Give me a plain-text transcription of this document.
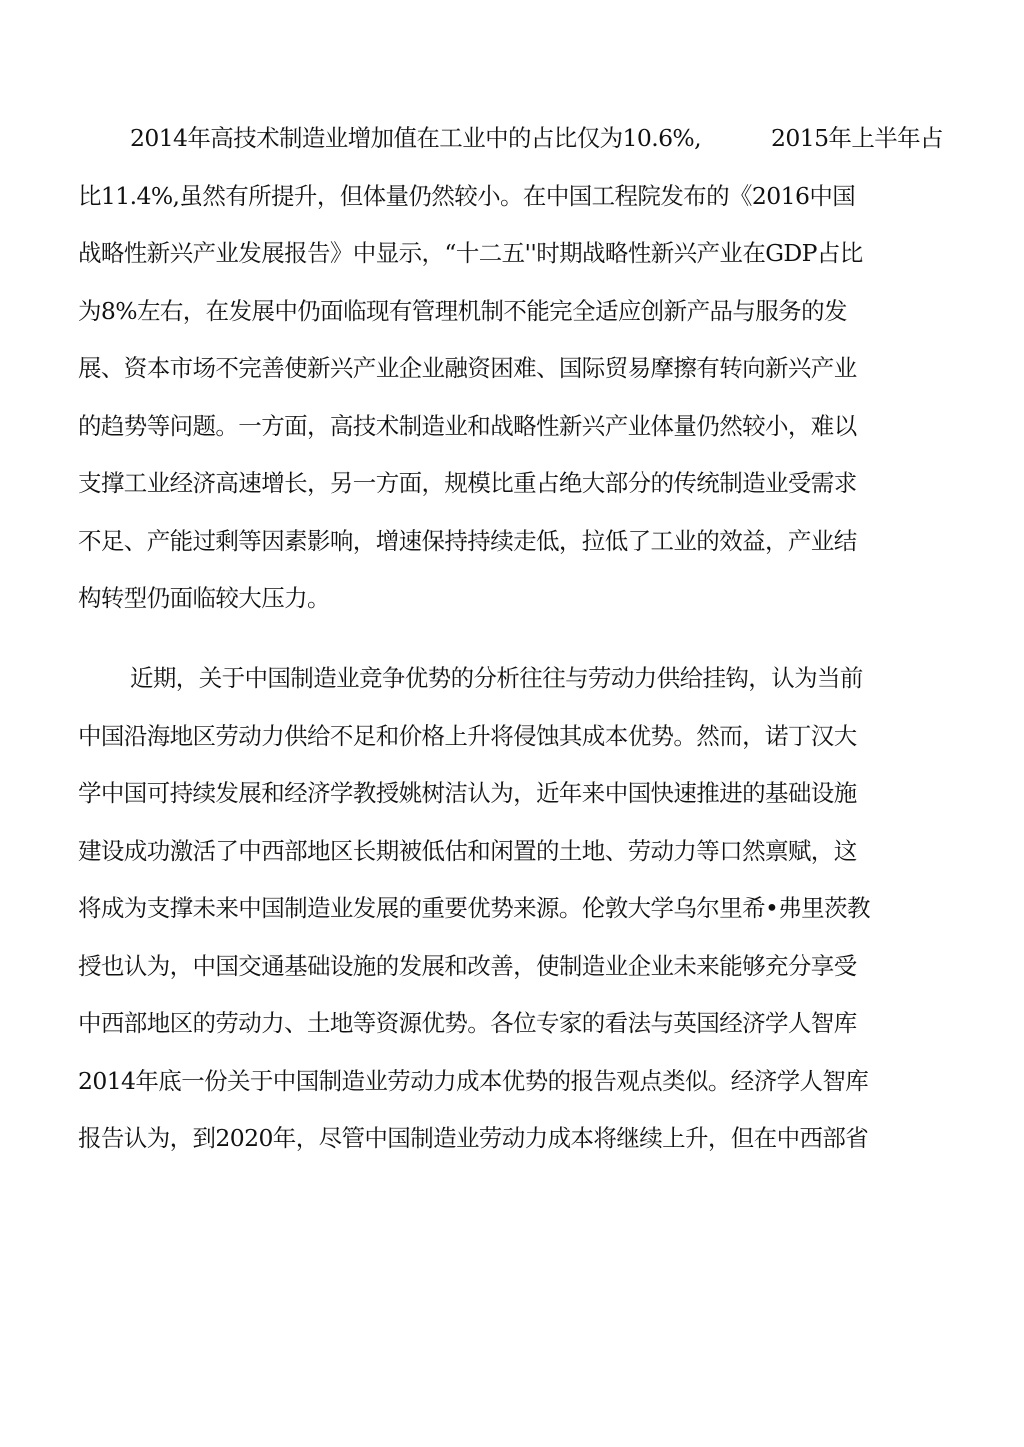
2014年高技术制造业增加值在工业中的占比仅为10.6%,	2015年上半年占
比11.4%,虽然有所提升，但体量仍然较小。在中国工程院发布的《2016中国
战略性新兴产业发展报告》中显示，“十二五''时期战略性新兴产业在GDP占比
为8%左右，在发展中仍面临现有管理机制不能完全适应创新产品与服务的发
展、资本市场不完善使新兴产业企业融资困难、国际贸易摩擦有转向新兴产业
的趋势等问题。一方面，高技术制造业和战略性新兴产业体量仍然较小，难以
支撑工业经济高速增长，另一方面，规模比重占绝大部分的传统制造业受需求
不足、产能过剩等因素影响，增速保持持续走低，拉低了工业的效益，产业结
构转型仍面临较大压力。
近期，关于中国制造业竞争优势的分析往往与劳动力供给挂钩，认为当前
中国沿海地区劳动力供给不足和价格上升将侵蚀其成本优势。然而，诺丁汉大
学中国可持续发展和经济学教授姚树洁认为，近年来中国快速推进的基础设施
建设成功激活了中西部地区长期被低估和闲置的土地、劳动力等口然禀赋，这
将成为支撑未来中国制造业发展的重要优势来源。伦敦大学乌尔里希•弗里茨教
授也认为，中国交通基础设施的发展和改善，使制造业企业未来能够充分享受
中西部地区的劳动力、土地等资源优势。各位专家的看法与英国经济学人智库
2014年底一份关于中国制造业劳动力成本优势的报告观点类似。经济学人智库
报告认为，到2020年，尽管中国制造业劳动力成本将继续上升，但在中西部省
